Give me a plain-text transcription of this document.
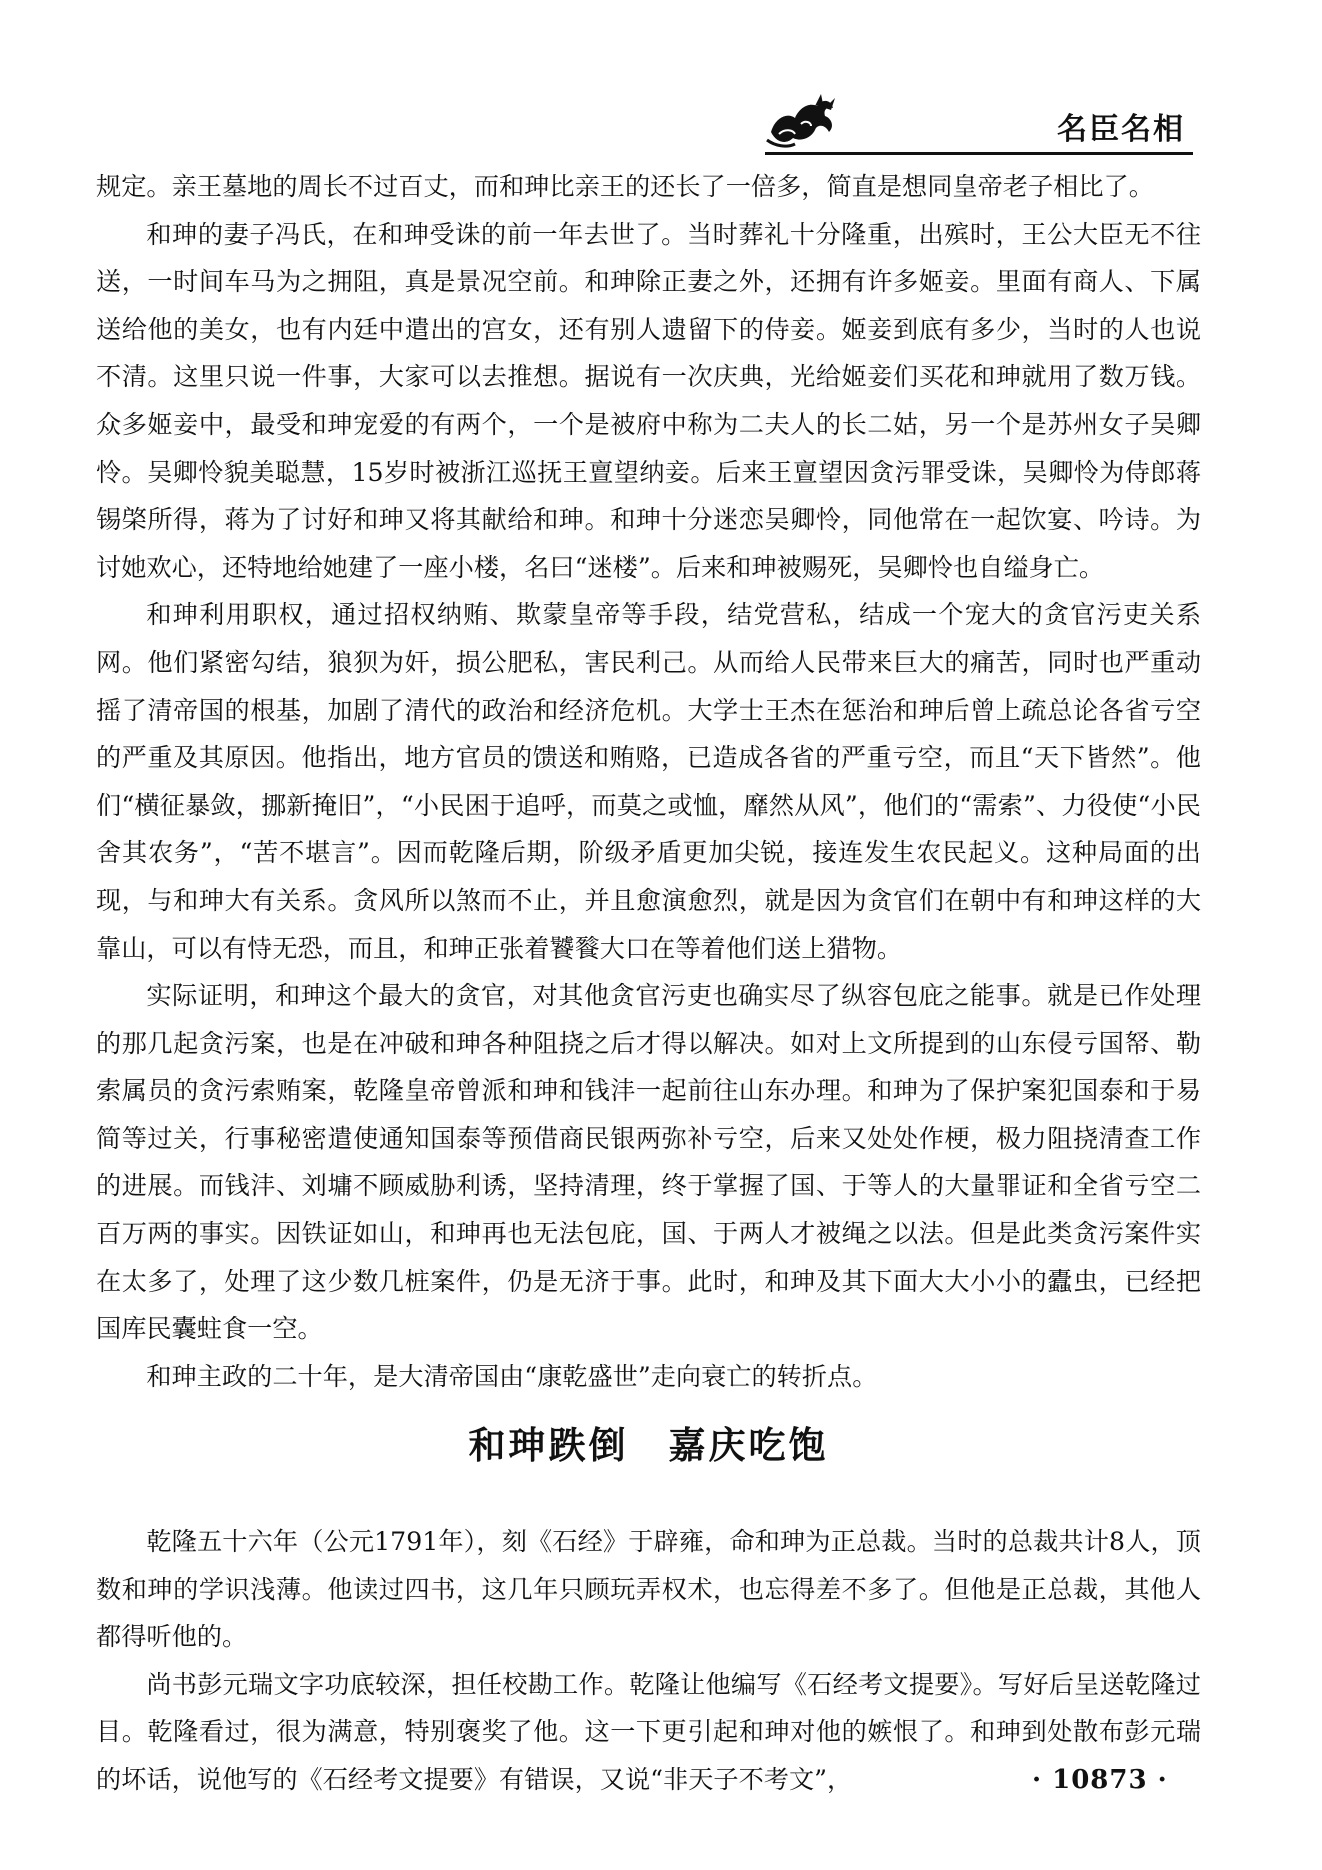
名臣名相

规定。亲王墓地的周长不过百丈，而和珅比亲王的还长了一倍多，简直是想同皇帝老子相比了。

和珅的妻子冯氏，在和珅受诛的前一年去世了。当时葬礼十分隆重，出殡时，王公大臣无不往送，一时间车马为之拥阻，真是景况空前。和珅除正妻之外，还拥有许多姬妾。里面有商人、下属送给他的美女，也有内廷中遣出的宫女，还有别人遗留下的侍妾。姬妾到底有多少，当时的人也说不清。这里只说一件事，大家可以去推想。据说有一次庆典，光给姬妾们买花和珅就用了数万钱。众多姬妾中，最受和珅宠爱的有两个，一个是被府中称为二夫人的长二姑，另一个是苏州女子吴卿怜。吴卿怜貌美聪慧，15岁时被浙江巡抚王亶望纳妾。后来王亶望因贪污罪受诛，吴卿怜为侍郎蒋锡棨所得，蒋为了讨好和珅又将其献给和珅。和珅十分迷恋吴卿怜，同他常在一起饮宴、吟诗。为讨她欢心，还特地给她建了一座小楼，名曰“迷楼”。后来和珅被赐死，吴卿怜也自缢身亡。

和珅利用职权，通过招权纳贿、欺蒙皇帝等手段，结党营私，结成一个宠大的贪官污吏关系网。他们紧密勾结，狼狈为奸，损公肥私，害民利己。从而给人民带来巨大的痛苦，同时也严重动摇了清帝国的根基，加剧了清代的政治和经济危机。大学士王杰在惩治和珅后曾上疏总论各省亏空的严重及其原因。他指出，地方官员的馈送和贿赂，已造成各省的严重亏空，而且“天下皆然”。他们“横征暴敛，挪新掩旧”，“小民困于追呼，而莫之或恤，靡然从风”，他们的“需索”、力役使“小民舍其农务”，“苦不堪言”。因而乾隆后期，阶级矛盾更加尖锐，接连发生农民起义。这种局面的出现，与和珅大有关系。贪风所以煞而不止，并且愈演愈烈，就是因为贪官们在朝中有和珅这样的大靠山，可以有恃无恐，而且，和珅正张着饕餮大口在等着他们送上猎物。

实际证明，和珅这个最大的贪官，对其他贪官污吏也确实尽了纵容包庇之能事。就是已作处理的那几起贪污案，也是在冲破和珅各种阻挠之后才得以解决。如对上文所提到的山东侵亏国帑、勒索属员的贪污索贿案，乾隆皇帝曾派和珅和钱沣一起前往山东办理。和珅为了保护案犯国泰和于易简等过关，行事秘密遣使通知国泰等预借商民银两弥补亏空，后来又处处作梗，极力阻挠清查工作的进展。而钱沣、刘墉不顾威胁利诱，坚持清理，终于掌握了国、于等人的大量罪证和全省亏空二百万两的事实。因铁证如山，和珅再也无法包庇，国、于两人才被绳之以法。但是此类贪污案件实在太多了，处理了这少数几桩案件，仍是无济于事。此时，和珅及其下面大大小小的蠹虫，已经把国库民囊蛀食一空。

和珅主政的二十年，是大清帝国由“康乾盛世”走向衰亡的转折点。

和珅跌倒　嘉庆吃饱

乾隆五十六年（公元1791年），刻《石经》于辟雍，命和珅为正总裁。当时的总裁共计8人，顶数和珅的学识浅薄。他读过四书，这几年只顾玩弄权术，也忘得差不多了。但他是正总裁，其他人都得听他的。

尚书彭元瑞文字功底较深，担任校勘工作。乾隆让他编写《石经考文提要》。写好后呈送乾隆过目。乾隆看过，很为满意，特别褒奖了他。这一下更引起和珅对他的嫉恨了。和珅到处散布彭元瑞的坏话，说他写的《石经考文提要》有错误，又说“非天子不考文”，	· 10873 ·
